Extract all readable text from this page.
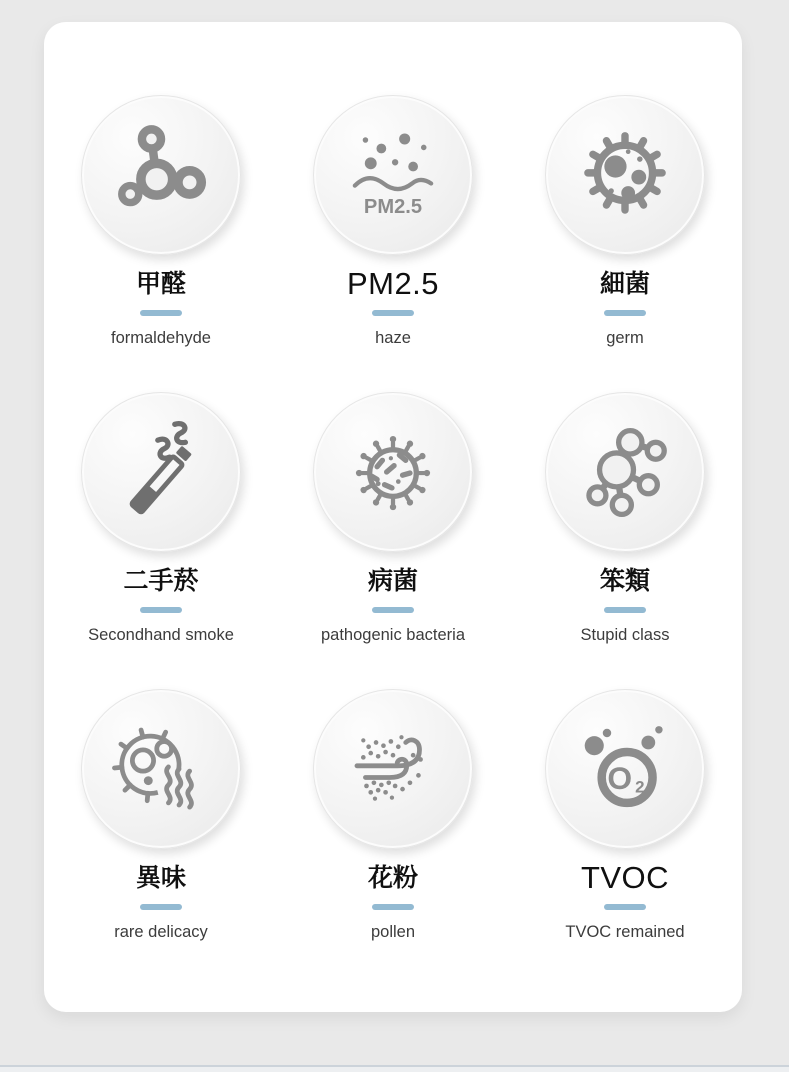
甲醛
formaldehyde
PM2.5
PM2.5
haze
細菌
germ
二手菸
Secondhand smoke
病菌
pathogenic bacteria
笨類
Stupid class
異味
rare delicacy
花粉
pollen
O 2
TVOC
TVOC remained
